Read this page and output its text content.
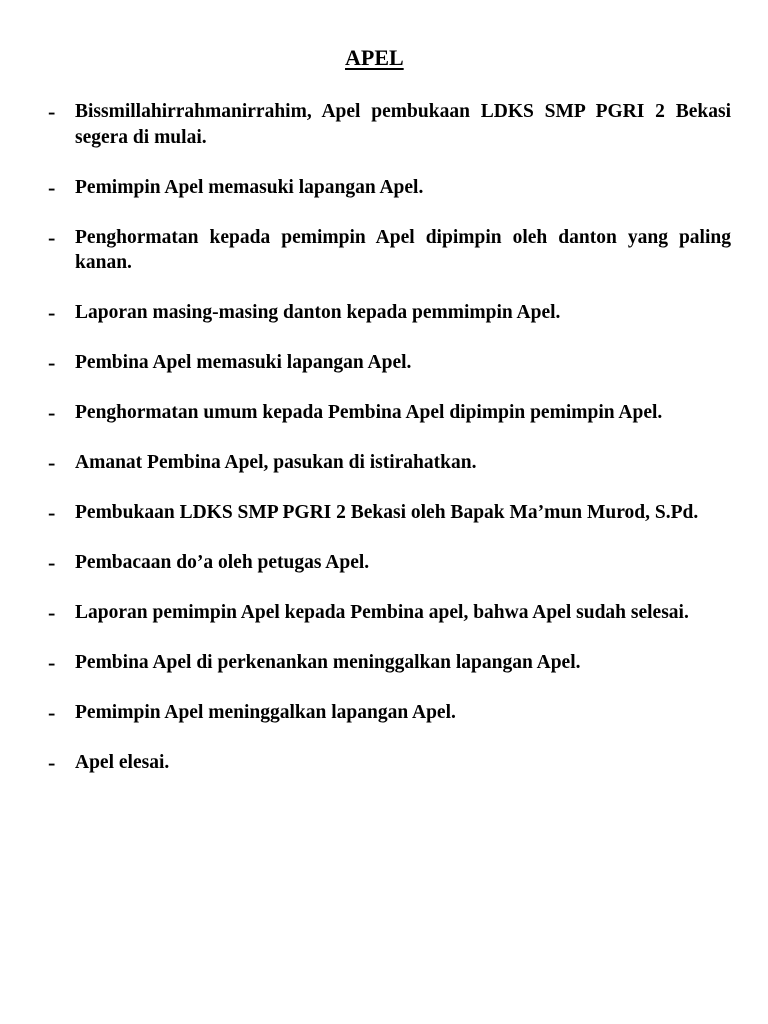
APEL
- Bissmillahirrahmanirrahim, Apel pembukaan LDKS SMP PGRI 2 Bekasi segera di mulai.
- Pemimpin Apel memasuki lapangan Apel.
- Penghormatan kepada pemimpin Apel dipimpin oleh danton yang paling kanan.
- Laporan masing-masing danton kepada pemmimpin Apel.
- Pembina Apel memasuki lapangan Apel.
- Penghormatan umum kepada Pembina Apel dipimpin pemimpin Apel.
- Amanat Pembina Apel, pasukan di istirahatkan.
- Pembukaan LDKS SMP PGRI 2 Bekasi oleh Bapak Ma’mun Murod, S.Pd.
- Pembacaan do’a oleh petugas Apel.
- Laporan pemimpin Apel kepada Pembina apel, bahwa Apel sudah selesai.
- Pembina Apel di perkenankan meninggalkan lapangan Apel.
- Pemimpin Apel meninggalkan lapangan Apel.
- Apel elesai.
